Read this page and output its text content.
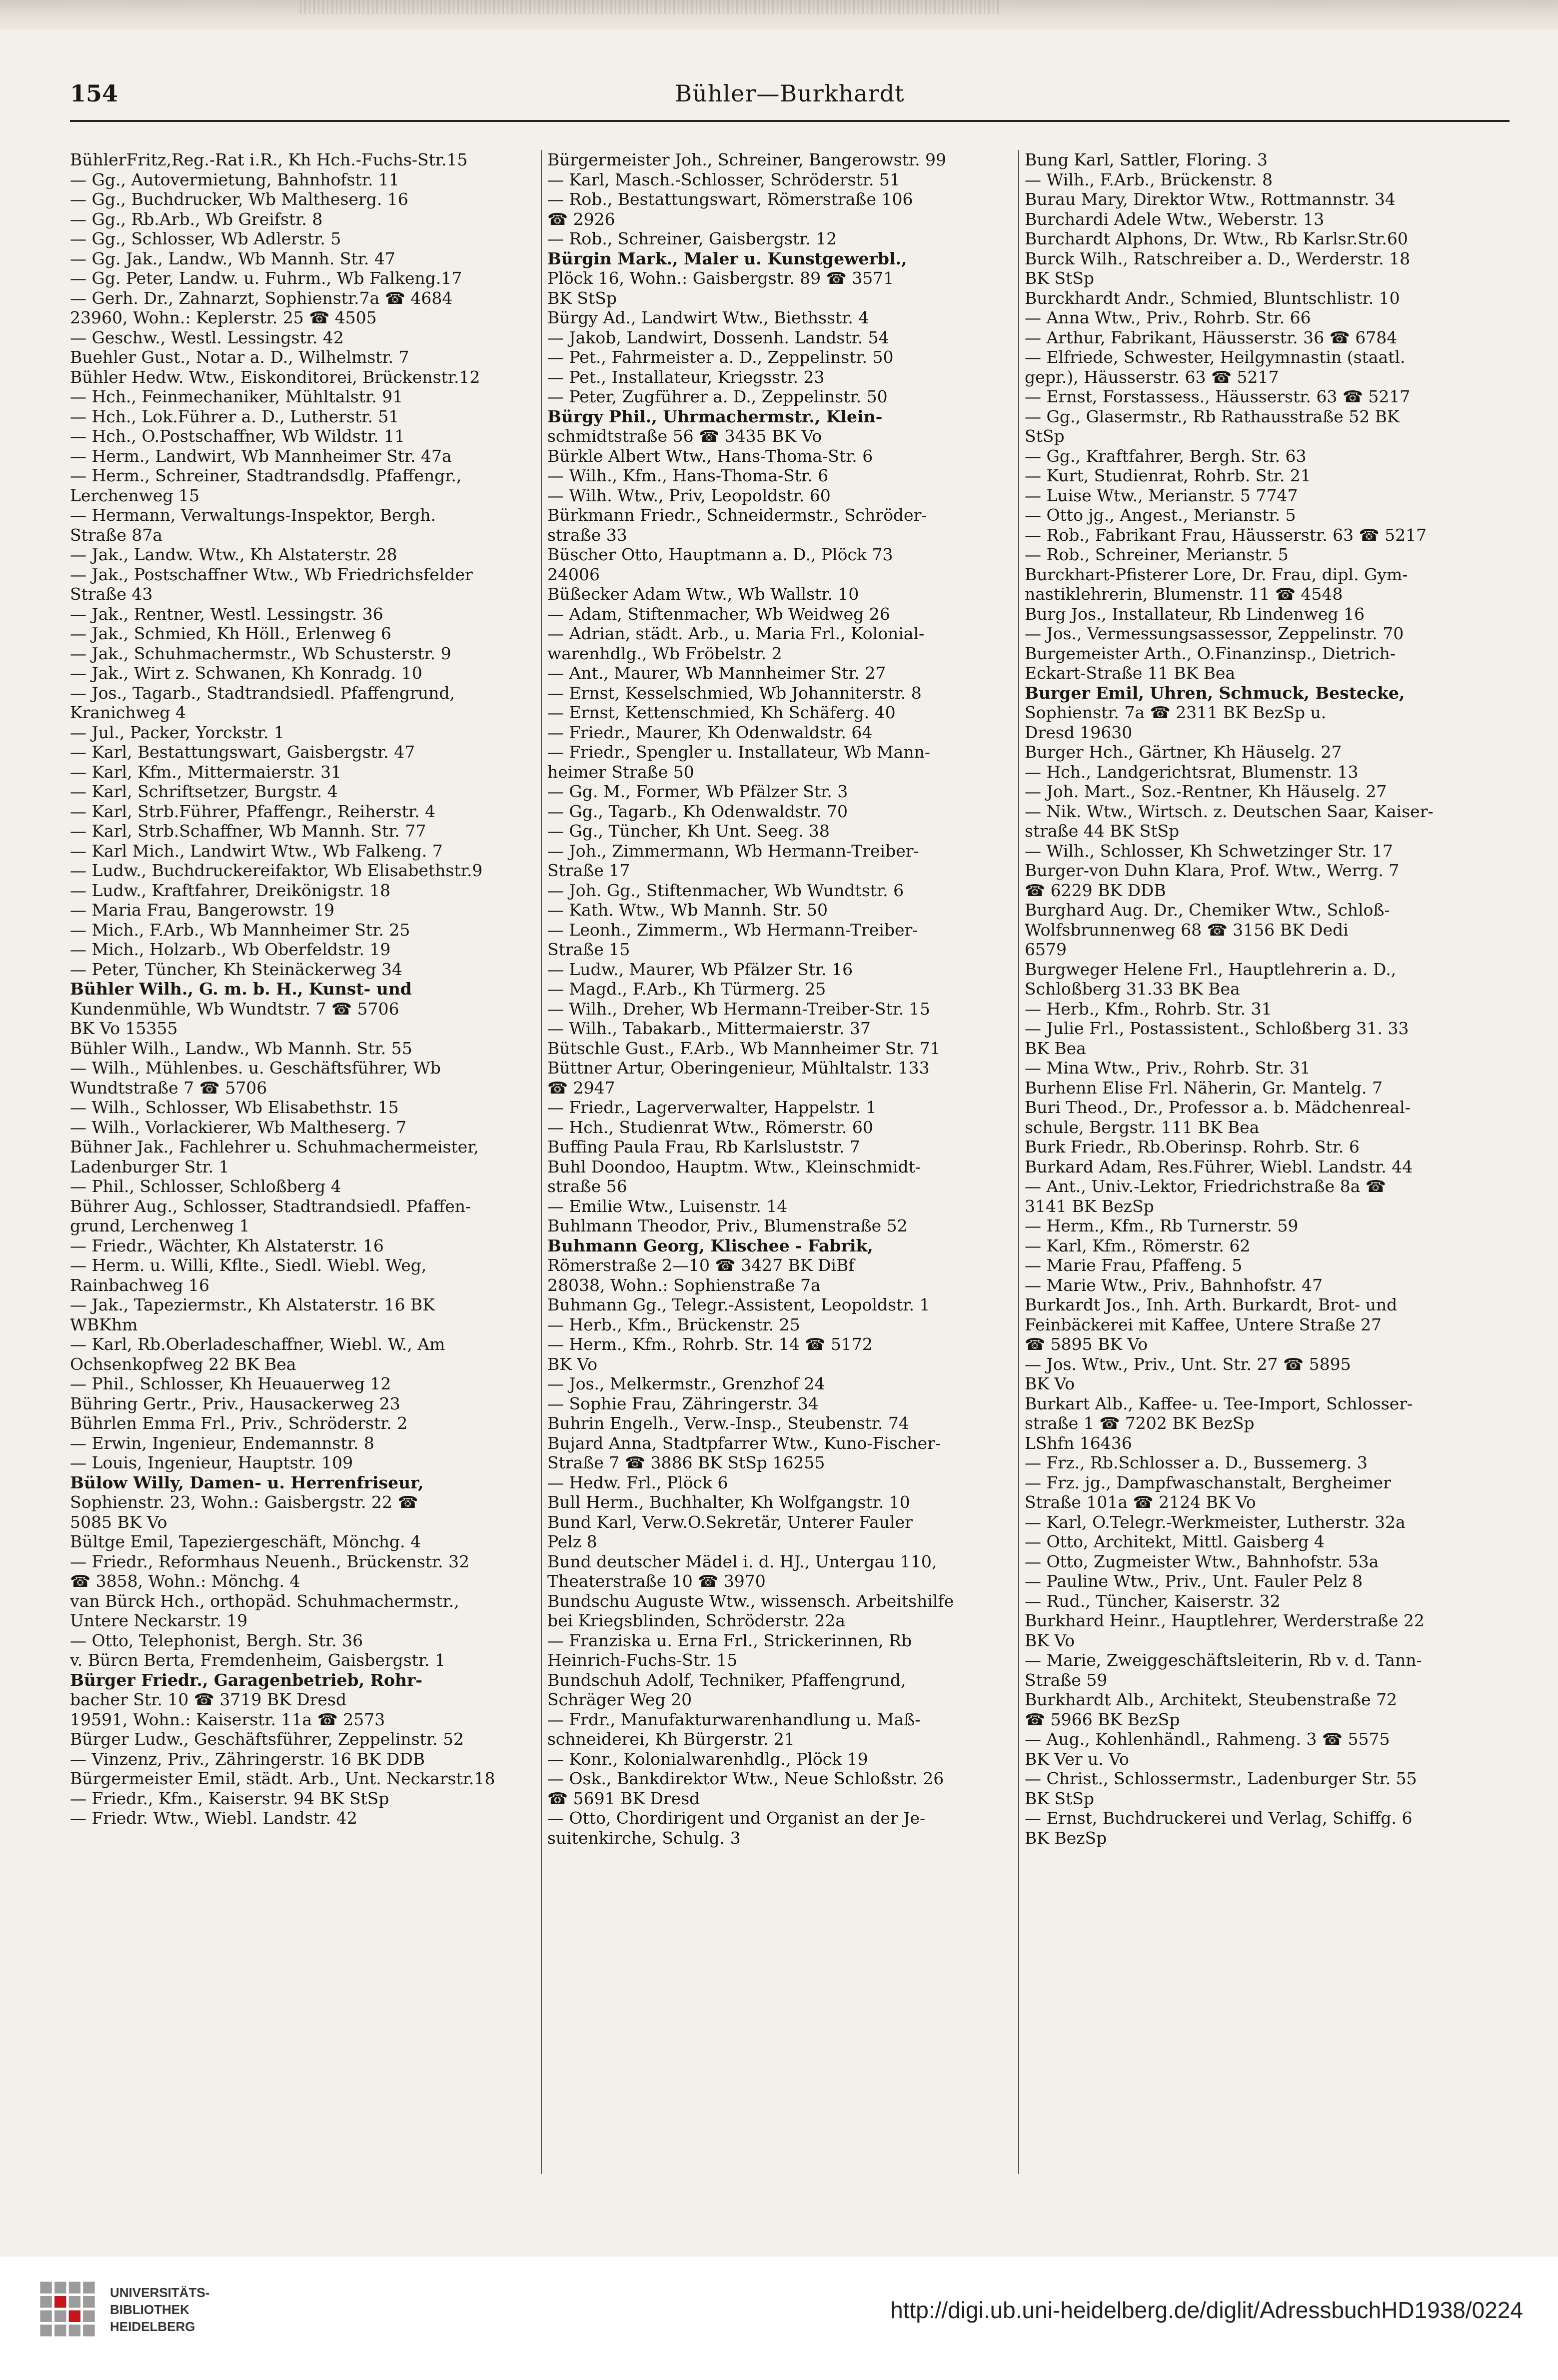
154	Bühler—Burkhardt
BühlerFritz,Reg.-Rat i.R., Kh Hch.-Fuchs-Str.15
— Gg., Autovermietung, Bahnhofstr. 11
— Gg., Buchdrucker, Wb Maltheserg. 16
— Gg., Rb.Arb., Wb Greifstr. 8
— Gg., Schlosser, Wb Adlerstr. 5
— Gg. Jak., Landw., Wb Mannh. Str. 47
— Gg. Peter, Landw. u. Fuhrm., Wb Falkeng.17
— Gerh. Dr., Zahnarzt, Sophienstr.7a ☎ 4684
23960, Wohn.: Keplerstr. 25 ☎ 4505
— Geschw., Westl. Lessingstr. 42
Buehler Gust., Notar a. D., Wilhelmstr. 7
Bühler Hedw. Wtw., Eiskonditorei, Brückenstr.12
— Hch., Feinmechaniker, Mühltalstr. 91
— Hch., Lok.Führer a. D., Lutherstr. 51
— Hch., O.Postschaffner, Wb Wildstr. 11
— Herm., Landwirt, Wb Mannheimer Str. 47a
— Herm., Schreiner, Stadtrandsdlg. Pfaffengr.,
Lerchenweg 15
— Hermann, Verwaltungs-Inspektor, Bergh.
Straße 87a
— Jak., Landw. Wtw., Kh Alstaterstr. 28
— Jak., Postschaffner Wtw., Wb Friedrichsfelder
Straße 43
— Jak., Rentner, Westl. Lessingstr. 36
— Jak., Schmied, Kh Höll., Erlenweg 6
— Jak., Schuhmachermstr., Wb Schusterstr. 9
— Jak., Wirt z. Schwanen, Kh Konradg. 10
— Jos., Tagarb., Stadtrandsiedl. Pfaffengrund,
Kranichweg 4
— Jul., Packer, Yorckstr. 1
— Karl, Bestattungswart, Gaisbergstr. 47
— Karl, Kfm., Mittermaierstr. 31
— Karl, Schriftsetzer, Burgstr. 4
— Karl, Strb.Führer, Pfaffengr., Reiherstr. 4
— Karl, Strb.Schaffner, Wb Mannh. Str. 77
— Karl Mich., Landwirt Wtw., Wb Falkeng. 7
— Ludw., Buchdruckereifaktor, Wb Elisabethstr.9
— Ludw., Kraftfahrer, Dreikönigstr. 18
— Maria Frau, Bangerowstr. 19
— Mich., F.Arb., Wb Mannheimer Str. 25
— Mich., Holzarb., Wb Oberfeldstr. 19
— Peter, Tüncher, Kh Steinäckerweg 34
Bühler Wilh., G. m. b. H., Kunst- und
Kundenmühle, Wb Wundtstr. 7 ☎ 5706
BK Vo 15355
Bühler Wilh., Landw., Wb Mannh. Str. 55
— Wilh., Mühlenbes. u. Geschäftsführer, Wb
Wundtstraße 7 ☎ 5706
— Wilh., Schlosser, Wb Elisabethstr. 15
— Wilh., Vorlackierer, Wb Maltheserg. 7
Bühner Jak., Fachlehrer u. Schuhmachermeister,
Ladenburger Str. 1
— Phil., Schlosser, Schloßberg 4
Bührer Aug., Schlosser, Stadtrandsiedl. Pfaffen-
grund, Lerchenweg 1
— Friedr., Wächter, Kh Alstaterstr. 16
— Herm. u. Willi, Kflte., Siedl. Wiebl. Weg,
Rainbachweg 16
— Jak., Tapeziermstr., Kh Alstaterstr. 16 BK
WBKhm
— Karl, Rb.Oberladeschaffner, Wiebl. W., Am
Ochsenkopfweg 22 BK Bea
— Phil., Schlosser, Kh Heuauerweg 12
Bühring Gertr., Priv., Hausackerweg 23
Bührlen Emma Frl., Priv., Schröderstr. 2
— Erwin, Ingenieur, Endemannstr. 8
— Louis, Ingenieur, Hauptstr. 109
Bülow Willy, Damen- u. Herrenfriseur,
Sophienstr. 23, Wohn.: Gaisbergstr. 22 ☎
5085 BK Vo
Bültge Emil, Tapeziergeschäft, Mönchg. 4
— Friedr., Reformhaus Neuenh., Brückenstr. 32
☎ 3858, Wohn.: Mönchg. 4
van Bürck Hch., orthopäd. Schuhmachermstr.,
Untere Neckarstr. 19
— Otto, Telephonist, Bergh. Str. 36
v. Bürcn Berta, Fremdenheim, Gaisbergstr. 1
Bürger Friedr., Garagenbetrieb, Rohr-
bacher Str. 10 ☎ 3719 BK Dresd
19591, Wohn.: Kaiserstr. 11a ☎ 2573
Bürger Ludw., Geschäftsführer, Zeppelinstr. 52
— Vinzenz, Priv., Zähringerstr. 16 BK DDB
Bürgermeister Emil, städt. Arb., Unt. Neckarstr.18
— Friedr., Kfm., Kaiserstr. 94 BK StSp
— Friedr. Wtw., Wiebl. Landstr. 42
Bürgermeister Joh., Schreiner, Bangerowstr. 99
— Karl, Masch.-Schlosser, Schröderstr. 51
— Rob., Bestattungswart, Römerstraße 106
☎ 2926
— Rob., Schreiner, Gaisbergstr. 12
Bürgin Mark., Maler u. Kunstgewerbl.,
Plöck 16, Wohn.: Gaisbergstr. 89 ☎ 3571
BK StSp
Bürgy Ad., Landwirt Wtw., Biethsstr. 4
— Jakob, Landwirt, Dossenh. Landstr. 54
— Pet., Fahrmeister a. D., Zeppelinstr. 50
— Pet., Installateur, Kriegsstr. 23
— Peter, Zugführer a. D., Zeppelinstr. 50
Bürgy Phil., Uhrmachermstr., Klein-
schmidtstraße 56 ☎ 3435 BK Vo
Bürkle Albert Wtw., Hans-Thoma-Str. 6
— Wilh., Kfm., Hans-Thoma-Str. 6
— Wilh. Wtw., Priv, Leopoldstr. 60
Bürkmann Friedr., Schneidermstr., Schröder-
straße 33
Büscher Otto, Hauptmann a. D., Plöck 73
24006
Büßecker Adam Wtw., Wb Wallstr. 10
— Adam, Stiftenmacher, Wb Weidweg 26
— Adrian, städt. Arb., u. Maria Frl., Kolonial-
warenhdlg., Wb Fröbelstr. 2
— Ant., Maurer, Wb Mannheimer Str. 27
— Ernst, Kesselschmied, Wb Johanniterstr. 8
— Ernst, Kettenschmied, Kh Schäferg. 40
— Friedr., Maurer, Kh Odenwaldstr. 64
— Friedr., Spengler u. Installateur, Wb Mann-
heimer Straße 50
— Gg. M., Former, Wb Pfälzer Str. 3
— Gg., Tagarb., Kh Odenwaldstr. 70
— Gg., Tüncher, Kh Unt. Seeg. 38
— Joh., Zimmermann, Wb Hermann-Treiber-
Straße 17
— Joh. Gg., Stiftenmacher, Wb Wundtstr. 6
— Kath. Wtw., Wb Mannh. Str. 50
— Leonh., Zimmerm., Wb Hermann-Treiber-
Straße 15
— Ludw., Maurer, Wb Pfälzer Str. 16
— Magd., F.Arb., Kh Türmerg. 25
— Wilh., Dreher, Wb Hermann-Treiber-Str. 15
— Wilh., Tabakarb., Mittermaierstr. 37
Bütschle Gust., F.Arb., Wb Mannheimer Str. 71
Büttner Artur, Oberingenieur, Mühltalstr. 133
☎ 2947
— Friedr., Lagerverwalter, Happelstr. 1
— Hch., Studienrat Wtw., Römerstr. 60
Buffing Paula Frau, Rb Karlsluststr. 7
Buhl Doondoo, Hauptm. Wtw., Kleinschmidt-
straße 56
— Emilie Wtw., Luisenstr. 14
Buhlmann Theodor, Priv., Blumenstraße 52
Buhmann Georg, Klischee - Fabrik,
Römerstraße 2—10 ☎ 3427 BK DiBf
28038, Wohn.: Sophienstraße 7a
Buhmann Gg., Telegr.-Assistent, Leopoldstr. 1
— Herb., Kfm., Brückenstr. 25
— Herm., Kfm., Rohrb. Str. 14 ☎ 5172
BK Vo
— Jos., Melkermstr., Grenzhof 24
— Sophie Frau, Zähringerstr. 34
Buhrin Engelh., Verw.-Insp., Steubenstr. 74
Bujard Anna, Stadtpfarrer Wtw., Kuno-Fischer-
Straße 7 ☎ 3886 BK StSp 16255
— Hedw. Frl., Plöck 6
Bull Herm., Buchhalter, Kh Wolfgangstr. 10
Bund Karl, Verw.O.Sekretär, Unterer Fauler
Pelz 8
Bund deutscher Mädel i. d. HJ., Untergau 110,
Theaterstraße 10 ☎ 3970
Bundschu Auguste Wtw., wissensch. Arbeitshilfe
bei Kriegsblinden, Schröderstr. 22a
— Franziska u. Erna Frl., Strickerinnen, Rb
Heinrich-Fuchs-Str. 15
Bundschuh Adolf, Techniker, Pfaffengrund,
Schräger Weg 20
— Frdr., Manufakturwarenhandlung u. Maß-
schneiderei, Kh Bürgerstr. 21
— Konr., Kolonialwarenhdlg., Plöck 19
— Osk., Bankdirektor Wtw., Neue Schloßstr. 26
☎ 5691 BK Dresd
— Otto, Chordirigent und Organist an der Je-
suitenkirche, Schulg. 3
Bung Karl, Sattler, Floring. 3
— Wilh., F.Arb., Brückenstr. 8
Burau Mary, Direktor Wtw., Rottmannstr. 34
Burchardi Adele Wtw., Weberstr. 13
Burchardt Alphons, Dr. Wtw., Rb Karlsr.Str.60
Burck Wilh., Ratschreiber a. D., Werderstr. 18
BK StSp
Burckhardt Andr., Schmied, Bluntschlistr. 10
— Anna Wtw., Priv., Rohrb. Str. 66
— Arthur, Fabrikant, Häusserstr. 36 ☎ 6784
— Elfriede, Schwester, Heilgymnastin (staatl.
gepr.), Häusserstr. 63 ☎ 5217
— Ernst, Forstassess., Häusserstr. 63 ☎ 5217
— Gg., Glasermstr., Rb Rathausstraße 52 BK
StSp
— Gg., Kraftfahrer, Bergh. Str. 63
— Kurt, Studienrat, Rohrb. Str. 21
— Luise Wtw., Merianstr. 5 7747
— Otto jg., Angest., Merianstr. 5
— Rob., Fabrikant Frau, Häusserstr. 63 ☎ 5217
— Rob., Schreiner, Merianstr. 5
Burckhart-Pfisterer Lore, Dr. Frau, dipl. Gym-
nastiklehrerin, Blumenstr. 11 ☎ 4548
Burg Jos., Installateur, Rb Lindenweg 16
— Jos., Vermessungsassessor, Zeppelinstr. 70
Burgemeister Arth., O.Finanzinsp., Dietrich-
Eckart-Straße 11 BK Bea
Burger Emil, Uhren, Schmuck, Bestecke,
Sophienstr. 7a ☎ 2311 BK BezSp u.
Dresd 19630
Burger Hch., Gärtner, Kh Häuselg. 27
— Hch., Landgerichtsrat, Blumenstr. 13
— Joh. Mart., Soz.-Rentner, Kh Häuselg. 27
— Nik. Wtw., Wirtsch. z. Deutschen Saar, Kaiser-
straße 44 BK StSp
— Wilh., Schlosser, Kh Schwetzinger Str. 17
Burger-von Duhn Klara, Prof. Wtw., Werrg. 7
☎ 6229 BK DDB
Burghard Aug. Dr., Chemiker Wtw., Schloß-
Wolfsbrunnenweg 68 ☎ 3156 BK Dedi
6579
Burgweger Helene Frl., Hauptlehrerin a. D.,
Schloßberg 31.33 BK Bea
— Herb., Kfm., Rohrb. Str. 31
— Julie Frl., Postassistent., Schloßberg 31. 33
BK Bea
— Mina Wtw., Priv., Rohrb. Str. 31
Burhenn Elise Frl. Näherin, Gr. Mantelg. 7
Buri Theod., Dr., Professor a. b. Mädchenreal-
schule, Bergstr. 111 BK Bea
Burk Friedr., Rb.Oberinsp. Rohrb. Str. 6
Burkard Adam, Res.Führer, Wiebl. Landstr. 44
— Ant., Univ.-Lektor, Friedrichstraße 8a ☎
3141 BK BezSp
— Herm., Kfm., Rb Turnerstr. 59
— Karl, Kfm., Römerstr. 62
— Marie Frau, Pfaffeng. 5
— Marie Wtw., Priv., Bahnhofstr. 47
Burkardt Jos., Inh. Arth. Burkardt, Brot- und
Feinbäckerei mit Kaffee, Untere Straße 27
☎ 5895 BK Vo
— Jos. Wtw., Priv., Unt. Str. 27 ☎ 5895
BK Vo
Burkart Alb., Kaffee- u. Tee-Import, Schlosser-
straße 1 ☎ 7202 BK BezSp
LShfn 16436
— Frz., Rb.Schlosser a. D., Bussemerg. 3
— Frz. jg., Dampfwaschanstalt, Bergheimer
Straße 101a ☎ 2124 BK Vo
— Karl, O.Telegr.-Werkmeister, Lutherstr. 32a
— Otto, Architekt, Mittl. Gaisberg 4
— Otto, Zugmeister Wtw., Bahnhofstr. 53a
— Pauline Wtw., Priv., Unt. Fauler Pelz 8
— Rud., Tüncher, Kaiserstr. 32
Burkhard Heinr., Hauptlehrer, Werderstraße 22
BK Vo
— Marie, Zweiggeschäftsleiterin, Rb v. d. Tann-
Straße 59
Burkhardt Alb., Architekt, Steubenstraße 72
☎ 5966 BK BezSp
— Aug., Kohlenhändl., Rahmeng. 3 ☎ 5575
BK Ver u. Vo
— Christ., Schlossermstr., Ladenburger Str. 55
BK StSp
— Ernst, Buchdruckerei und Verlag, Schiffg. 6
BK BezSp
UNIVERSITÄTS-
BIBLIOTHEK
HEIDELBERG
http://digi.ub.uni-heidelberg.de/diglit/AdressbuchHD1938/0224
